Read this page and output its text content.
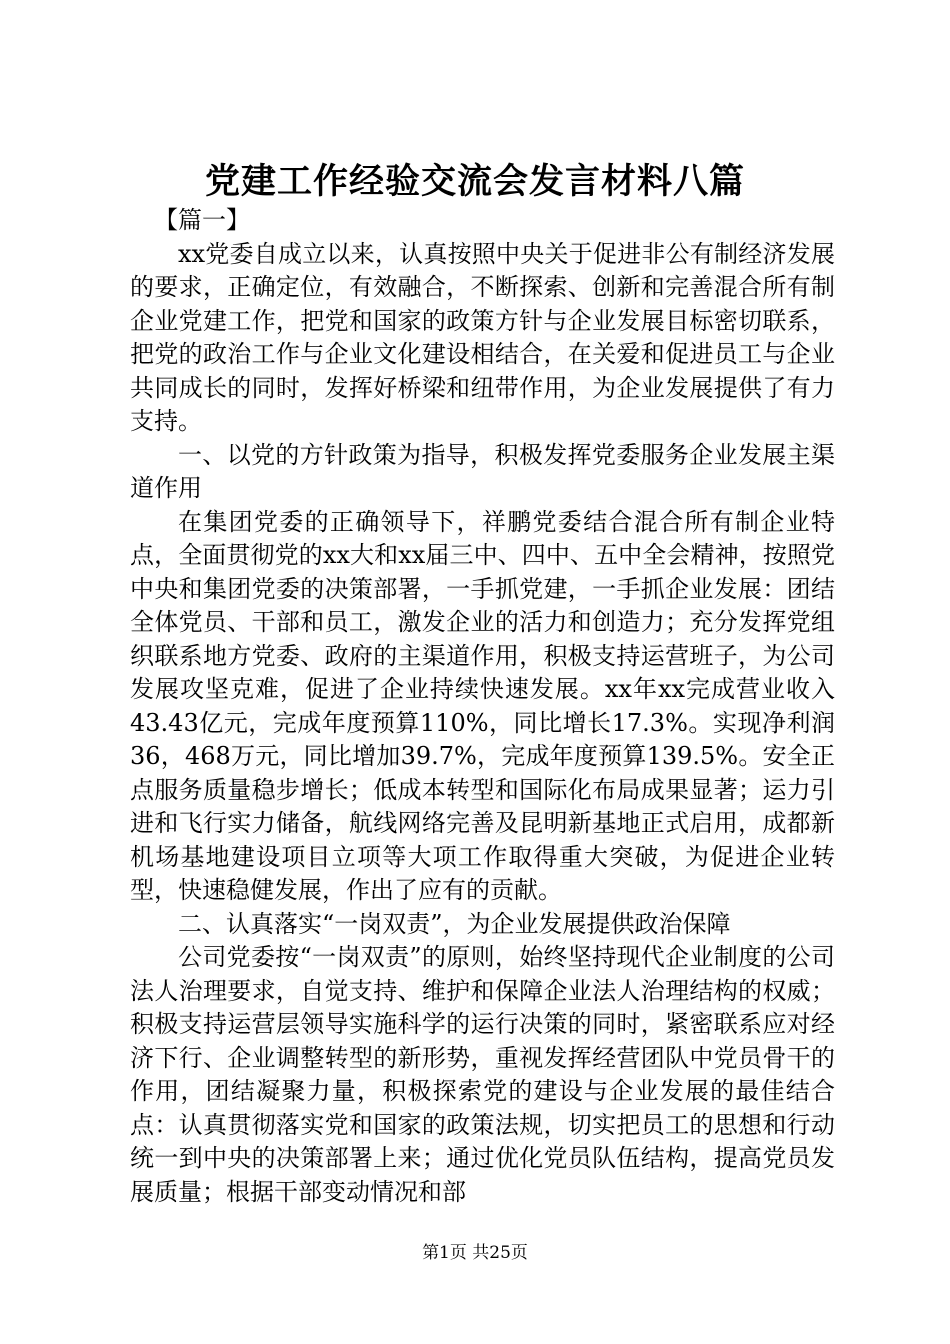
党建工作经验交流会发言材料八篇

【篇一】

xx党委自成立以来，认真按照中央关于促进非公有制经济发展的要求，正确定位，有效融合，不断探索、创新和完善混合所有制企业党建工作，把党和国家的政策方针与企业发展目标密切联系，把党的政治工作与企业文化建设相结合，在关爱和促进员工与企业共同成长的同时，发挥好桥梁和纽带作用，为企业发展提供了有力支持。

一、以党的方针政策为指导，积极发挥党委服务企业发展主渠道作用

在集团党委的正确领导下，祥鹏党委结合混合所有制企业特点，全面贯彻党的xx大和xx届三中、四中、五中全会精神，按照党中央和集团党委的决策部署，一手抓党建，一手抓企业发展：团结全体党员、干部和员工，激发企业的活力和创造力；充分发挥党组织联系地方党委、政府的主渠道作用，积极支持运营班子，为公司发展攻坚克难，促进了企业持续快速发展。xx年xx完成营业收入43.43亿元，完成年度预算110%，同比增长17.3%。实现净利润36，468万元，同比增加39.7%，完成年度预算139.5%。安全正点服务质量稳步增长；低成本转型和国际化布局成果显著；运力引进和飞行实力储备，航线网络完善及昆明新基地正式启用，成都新机场基地建设项目立项等大项工作取得重大突破，为促进企业转型，快速稳健发展，作出了应有的贡献。

二、认真落实“一岗双责”，为企业发展提供政治保障

公司党委按“一岗双责”的原则，始终坚持现代企业制度的公司法人治理要求，自觉支持、维护和保障企业法人治理结构的权威；积极支持运营层领导实施科学的运行决策的同时，紧密联系应对经济下行、企业调整转型的新形势，重视发挥经营团队中党员骨干的作用，团结凝聚力量，积极探索党的建设与企业发展的最佳结合点：认真贯彻落实党和国家的政策法规，切实把员工的思想和行动统一到中央的决策部署上来；通过优化党员队伍结构，提高党员发展质量；根据干部变动情况和部

第1页 共25页
